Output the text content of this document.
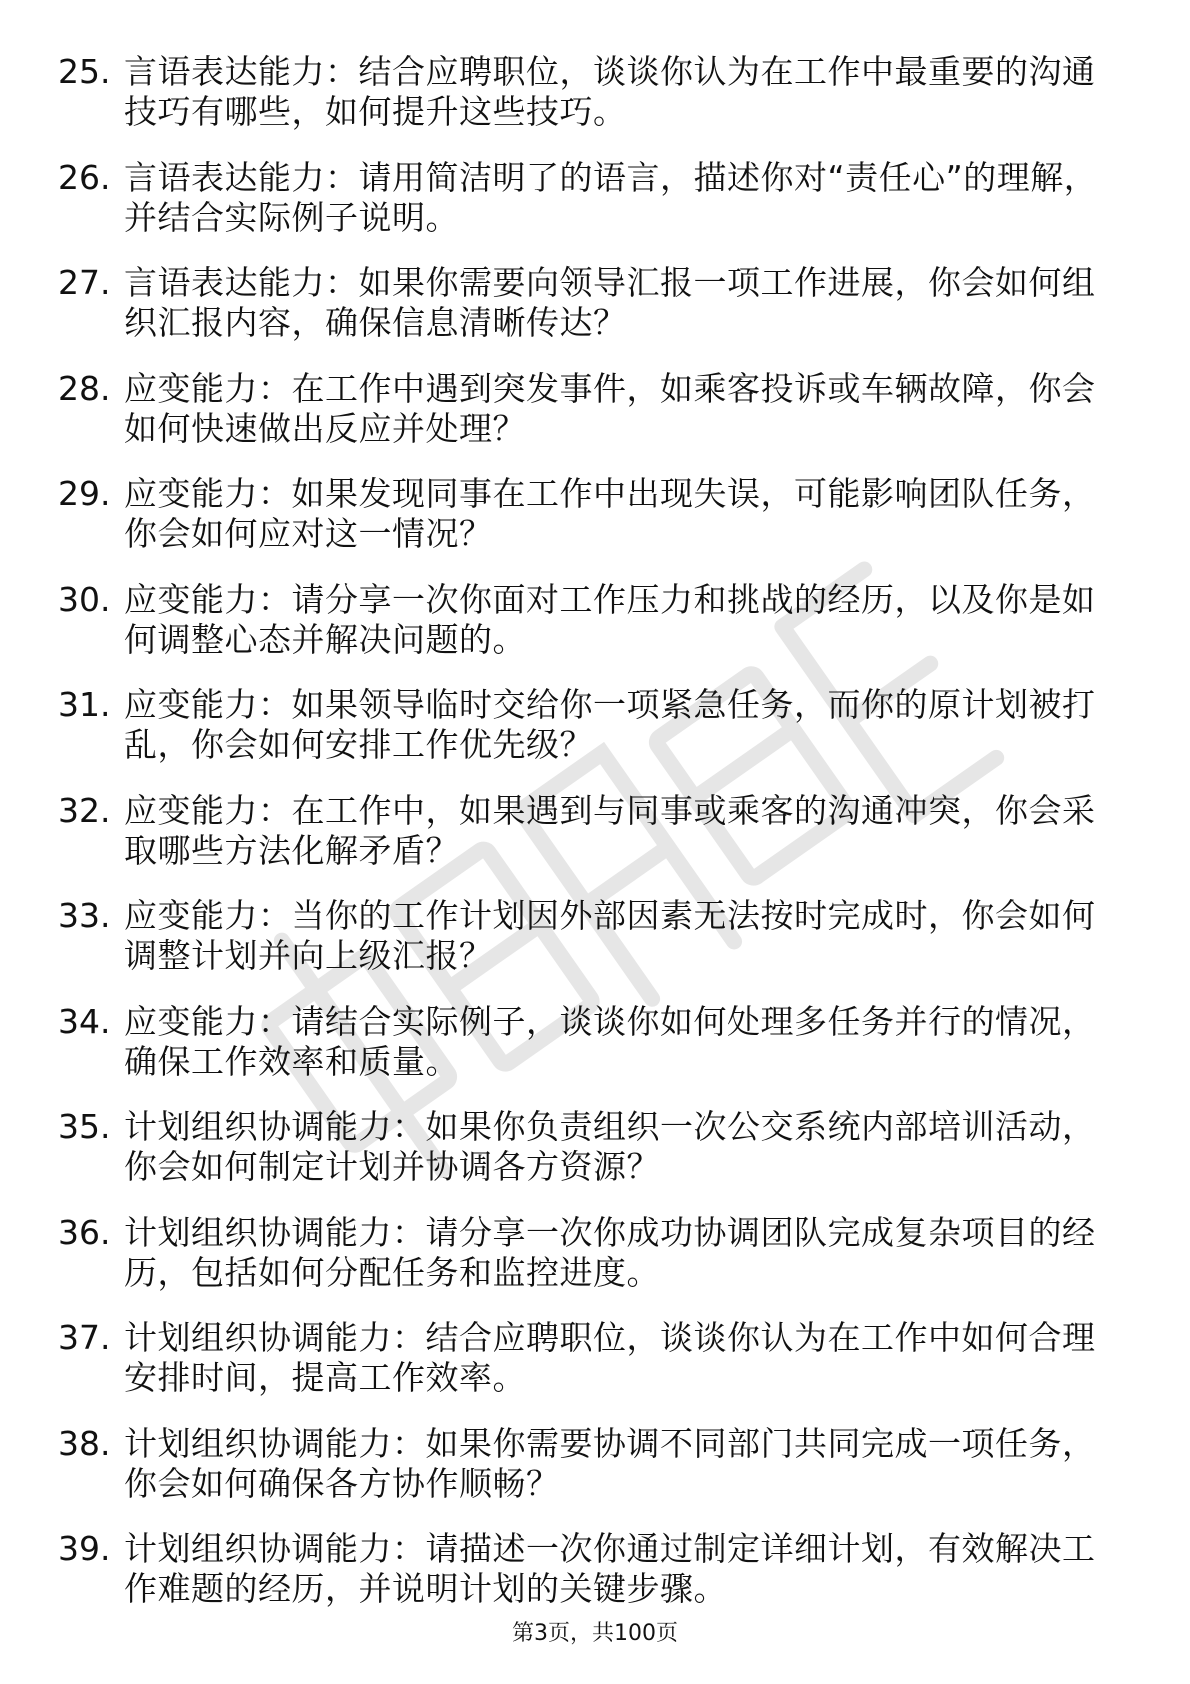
25. 言语表达能力：结合应聘职位，谈谈你认为在工作中最重要的沟通技巧有哪些，如何提升这些技巧。
26. 言语表达能力：请用简洁明了的语言，描述你对“责任心”的理解，并结合实际例子说明。
27. 言语表达能力：如果你需要向领导汇报一项工作进展，你会如何组织汇报内容，确保信息清晰传达？
28. 应变能力：在工作中遇到突发事件，如乘客投诉或车辆故障，你会如何快速做出反应并处理？
29. 应变能力：如果发现同事在工作中出现失误，可能影响团队任务，你会如何应对这一情况？
30. 应变能力：请分享一次你面对工作压力和挑战的经历，以及你是如何调整心态并解决问题的。
31. 应变能力：如果领导临时交给你一项紧急任务，而你的原计划被打乱，你会如何安排工作优先级？
32. 应变能力：在工作中，如果遇到与同事或乘客的沟通冲突，你会采取哪些方法化解矛盾？
33. 应变能力：当你的工作计划因外部因素无法按时完成时，你会如何调整计划并向上级汇报？
34. 应变能力：请结合实际例子，谈谈你如何处理多任务并行的情况，确保工作效率和质量。
35. 计划组织协调能力：如果你负责组织一次公交系统内部培训活动，你会如何制定计划并协调各方资源？
36. 计划组织协调能力：请分享一次你成功协调团队完成复杂项目的经历，包括如何分配任务和监控进度。
37. 计划组织协调能力：结合应聘职位，谈谈你认为在工作中如何合理安排时间，提高工作效率。
38. 计划组织协调能力：如果你需要协调不同部门共同完成一项任务，你会如何确保各方协作顺畅？
39. 计划组织协调能力：请描述一次你通过制定详细计划，有效解决工作难题的经历，并说明计划的关键步骤。
第3页，共100页
